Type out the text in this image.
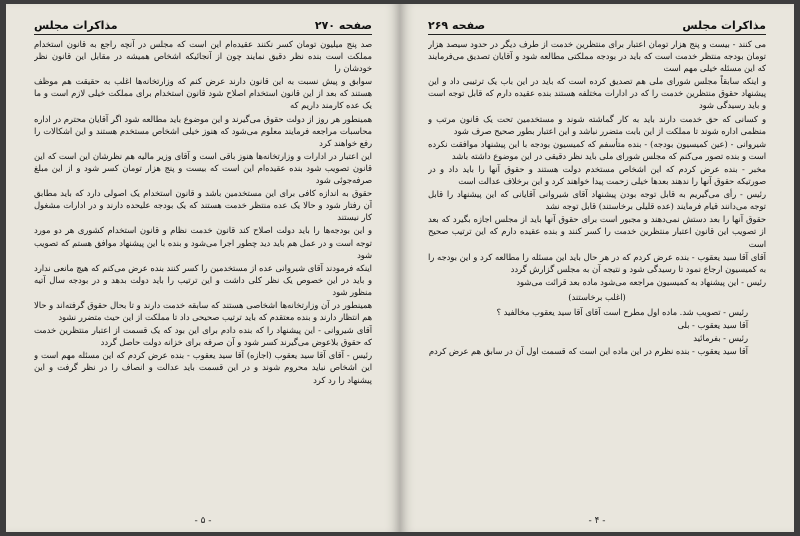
صفحه ۲۷۰
مذاکرات مجلس

صد پنج میلیون تومان کسر نکنند عقیده‌ام این است که مجلس در آنچه راجع به قانون استخدام مملکت است بنده نظر دقیق نمایند چون از آنجائیکه اشخاص همیشه در مقابل این قانون نظر خودشان را

سوابق و پیش نسبت به این قانون دارند عرض کنم که وزارتخانه‌ها اغلب به حقیقت هم موظف هستند که بعد از این قانون استخدام اصلاح شود قانون استخدام برای مملکت خیلی لازم است و ما یک عده کارمند داریم که

همینطور هر روز از دولت حقوق می‌گیرند و این موضوع باید مطالعه شود اگر آقایان محترم در اداره محاسبات مراجعه فرمایند معلوم می‌شود که هنوز خیلی اشخاص مستخدم هستند و این اشکالات را رفع خواهند کرد

این اعتبار در ادارات و وزارتخانه‌ها هنوز باقی است و آقای وزیر مالیه هم نظرشان این است که این قانون تصویب شود بنده عقیده‌ام این است که بیست و پنج هزار تومان کسر شود و از این مبلغ صرفه‌جوئی شود

حقوق به اندازه کافی برای این مستخدمین باشد و قانون استخدام یک اصولی دارد که باید مطابق آن رفتار شود و حالا یک عده منتظر خدمت هستند که یک بودجه علیحده دارند و در ادارات مشغول کار نیستند

و این بودجه‌ها را باید دولت اصلاح کند قانون خدمت نظام و قانون استخدام کشوری هر دو مورد توجه است و در عمل هم باید دید چطور اجرا می‌شود و بنده با این پیشنهاد موافق هستم که تصویب شود

اینکه فرمودند آقای شیروانی عده از مستخدمین را کسر کنند بنده عرض می‌کنم که هیچ مانعی ندارد و باید در این خصوص یک نظر کلی داشت و این ترتیب را باید دولت بدهد و در بودجه سال آتیه منظور شود

همینطور در آن وزارتخانه‌ها اشخاصی هستند که سابقه خدمت دارند و تا بحال حقوق گرفته‌اند و حالا هم انتظار دارند و بنده معتقدم که باید ترتیب صحیحی داد تا مملکت از این حیث متضرر نشود

آقای شیروانی - این پیشنهاد را که بنده دادم برای این بود که یک قسمت از اعتبار منتظرین خدمت که حقوق بلاعوض می‌گیرند کسر شود و آن صرفه برای خزانه دولت حاصل گردد

رئیس - آقای آقا سید یعقوب (اجازه) آقا سید یعقوب - بنده عرض کردم که این مسئله مهم است و این اشخاص نباید محروم شوند و در این قسمت باید عدالت و انصاف را در نظر گرفت و این پیشنهاد را رد کرد

- ۵ -
مذاکرات مجلس
صفحه ۲۶۹

می کنند - بیست و پنج هزار تومان اعتبار برای منتظرین خدمت از طرف دیگر در حدود سیصد هزار تومان بودجه منتظر خدمت است که باید در بودجه مملکتی مطالعه شود و آقایان تصدیق می‌فرمایند که این مسئله خیلی مهم است

و اینکه سابقاً مجلس شورای ملی هم تصدیق کرده است که باید در این باب یک ترتیبی داد و این پیشنهاد حقوق منتظرین خدمت را که در ادارات مختلفه هستند بنده عقیده دارم که قابل توجه است و باید رسیدگی شود

و کسانی که حق خدمت دارند باید به کار گماشته شوند و مستخدمین تحت یک قانون مرتب و منظمی اداره شوند تا مملکت از این بابت متضرر نباشد و این اعتبار بطور صحیح صرف شود

شیروانی - (عین کمیسیون بودجه) - بنده متأسفم که کمیسیون بودجه با این پیشنهاد موافقت نکرده است و بنده تصور می‌کنم که مجلس شورای ملی باید نظر دقیقی در این موضوع داشته باشد

مخبر - بنده عرض کردم که این اشخاص مستخدم دولت هستند و حقوق آنها را باید داد و در صورتیکه حقوق آنها را ندهند بعدها خیلی زحمت پیدا خواهند کرد و این برخلاف عدالت است

رئیس - رأی می‌گیریم به قابل توجه بودن پیشنهاد آقای شیروانی آقایانی که این پیشنهاد را قابل توجه می‌دانند قیام فرمایند (عده قلیلی برخاستند) قابل توجه نشد

حقوق آنها را بعد دستش نمی‌دهند و مجبور است برای حقوق آنها باید از مجلس اجازه بگیرد که بعد از تصویب این قانون اعتبار منتظرین خدمت را کسر کنند و بنده عقیده دارم که این ترتیب صحیح است

آقای آقا سید یعقوب - بنده عرض کردم که در هر حال باید این مسئله را مطالعه کرد و این بودجه را به کمیسیون ارجاع نمود تا رسیدگی شود و نتیجه آن به مجلس گزارش گردد

رئیس - این پیشنهاد به کمیسیون مراجعه می‌شود ماده بعد قرائت می‌شود

(اغلب برخاستند)

رئیس - تصویب شد. ماده اول مطرح است آقای آقا سید یعقوب مخالفید ؟

آقا سید یعقوب - بلی

رئیس - بفرمائید

آقا سید یعقوب - بنده نظرم در این ماده این است که قسمت اول آن در سابق هم عرض کردم

- ۴ -
